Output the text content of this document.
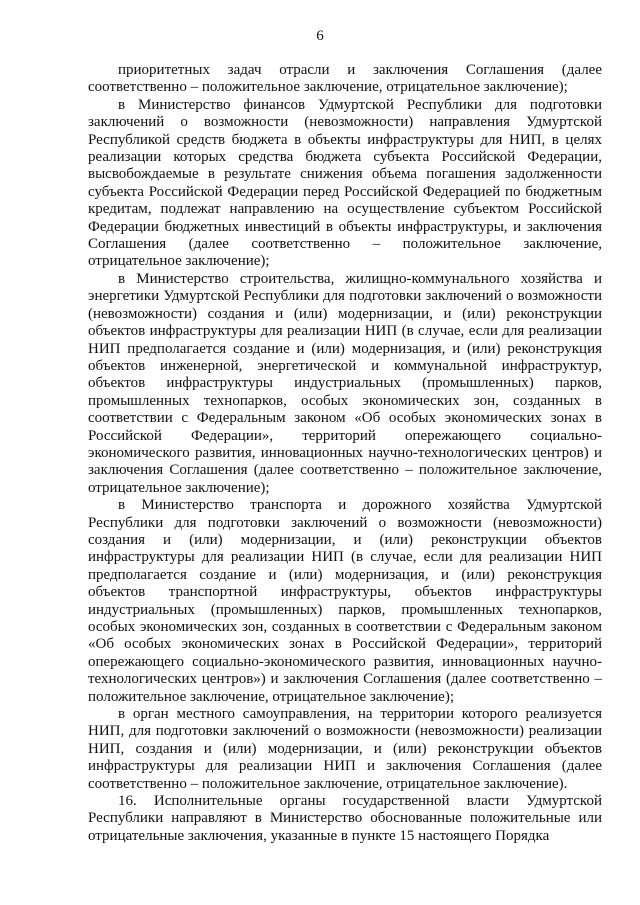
6

приоритетных задач отрасли и заключения Соглашения (далее соответственно – положительное заключение, отрицательное заключение);

в Министерство финансов Удмуртской Республики для подготовки заключений о возможности (невозможности) направления Удмуртской Республикой средств бюджета в объекты инфраструктуры для НИП, в целях реализации которых средства бюджета субъекта Российской Федерации, высвобождаемые в результате снижения объема погашения задолженности субъекта Российской Федерации перед Российской Федерацией по бюджетным кредитам, подлежат направлению на осуществление субъектом Российской Федерации бюджетных инвестиций в объекты инфраструктуры, и заключения Соглашения (далее соответственно – положительное заключение, отрицательное заключение);

в Министерство строительства, жилищно-коммунального хозяйства и энергетики Удмуртской Республики для подготовки заключений о возможности (невозможности) создания и (или) модернизации, и (или) реконструкции объектов инфраструктуры для реализации НИП (в случае, если для реализации НИП предполагается создание и (или) модернизация, и (или) реконструкция объектов инженерной, энергетической и коммунальной инфраструктур, объектов инфраструктуры индустриальных (промышленных) парков, промышленных технопарков, особых экономических зон, созданных в соответствии с Федеральным законом «Об особых экономических зонах в Российской Федерации», территорий опережающего социально-экономического развития, инновационных научно-технологических центров) и заключения Соглашения (далее соответственно – положительное заключение, отрицательное заключение);

в Министерство транспорта и дорожного хозяйства Удмуртской Республики для подготовки заключений о возможности (невозможности) создания и (или) модернизации, и (или) реконструкции объектов инфраструктуры для реализации НИП (в случае, если для реализации НИП предполагается создание и (или) модернизация, и (или) реконструкция объектов транспортной инфраструктуры, объектов инфраструктуры индустриальных (промышленных) парков, промышленных технопарков, особых экономических зон, созданных в соответствии с Федеральным законом «Об особых экономических зонах в Российской Федерации», территорий опережающего социально-экономического развития, инновационных научно-технологических центров») и заключения Соглашения (далее соответственно – положительное заключение, отрицательное заключение);

в орган местного самоуправления, на территории которого реализуется НИП, для подготовки заключений о возможности (невозможности) реализации НИП, создания и (или) модернизации, и (или) реконструкции объектов инфраструктуры для реализации НИП и заключения Соглашения (далее соответственно – положительное заключение, отрицательное заключение).

16. Исполнительные органы государственной власти Удмуртской Республики направляют в Министерство обоснованные положительные или отрицательные заключения, указанные в пункте 15 настоящего Порядка
